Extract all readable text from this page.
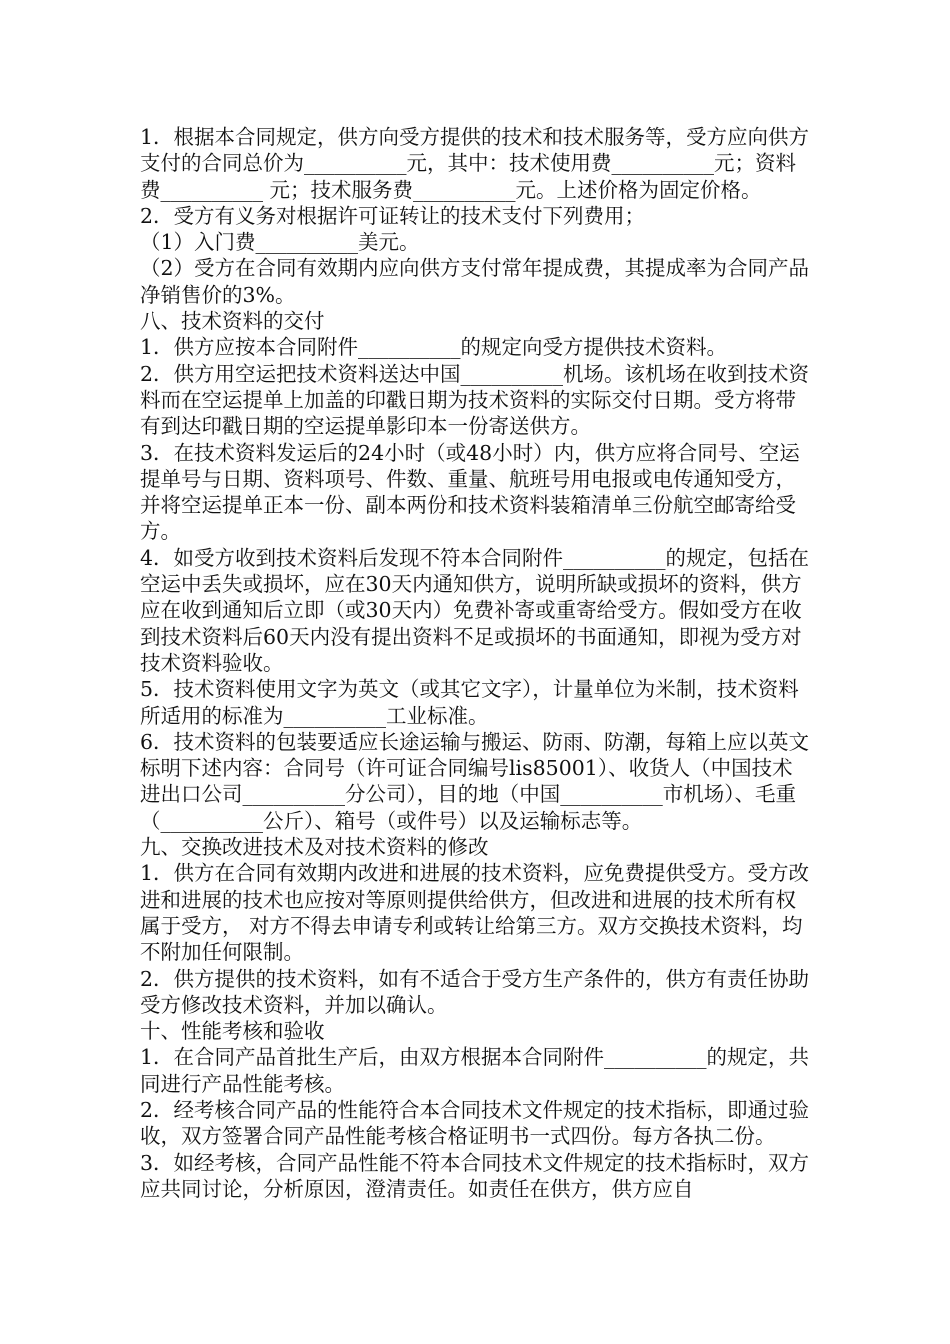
1．根据本合同规定，供方向受方提供的技术和技术服务等，受方应向供方支付的合同总价为__________元，其中：技术使用费__________元；资料费__________ 元；技术服务费__________元。上述价格为固定价格。

2．受方有义务对根据许可证转让的技术支付下列费用；

（1）入门费__________美元。

（2）受方在合同有效期内应向供方支付常年提成费，其提成率为合同产品净销售价的3%。

八、技术资料的交付

1．供方应按本合同附件__________的规定向受方提供技术资料。

2．供方用空运把技术资料送达中国__________机场。该机场在收到技术资料而在空运提单上加盖的印戳日期为技术资料的实际交付日期。受方将带有到达印戳日期的空运提单影印本一份寄送供方。

3．在技术资料发运后的24小时（或48小时）内，供方应将合同号、空运提单号与日期、资料项号、件数、重量、航班号用电报或电传通知受方，并将空运提单正本一份、副本两份和技术资料装箱清单三份航空邮寄给受方。

4．如受方收到技术资料后发现不符本合同附件__________的规定，包括在空运中丢失或损坏，应在30天内通知供方，说明所缺或损坏的资料，供方应在收到通知后立即（或30天内）免费补寄或重寄给受方。假如受方在收到技术资料后60天内没有提出资料不足或损坏的书面通知，即视为受方对技术资料验收。

5．技术资料使用文字为英文（或其它文字），计量单位为米制，技术资料所适用的标准为__________工业标准。

6．技术资料的包装要适应长途运输与搬运、防雨、防潮，每箱上应以英文标明下述内容：合同号（许可证合同编号lis85001）、收货人（中国技术进出口公司__________分公司），目的地（中国__________市机场）、毛重（__________公斤）、箱号（或件号）以及运输标志等。

九、交换改进技术及对技术资料的修改

1．供方在合同有效期内改进和进展的技术资料，应免费提供受方。受方改进和进展的技术也应按对等原则提供给供方，但改进和进展的技术所有权属于受方， 对方不得去申请专利或转让给第三方。双方交换技术资料，均不附加任何限制。

2．供方提供的技术资料，如有不适合于受方生产条件的，供方有责任协助受方修改技术资料，并加以确认。

十、性能考核和验收

1．在合同产品首批生产后，由双方根据本合同附件__________的规定，共同进行产品性能考核。

2．经考核合同产品的性能符合本合同技术文件规定的技术指标，即通过验收，双方签署合同产品性能考核合格证明书一式四份。每方各执二份。

3．如经考核，合同产品性能不符本合同技术文件规定的技术指标时，双方应共同讨论，分析原因，澄清责任。如责任在供方，供方应自
